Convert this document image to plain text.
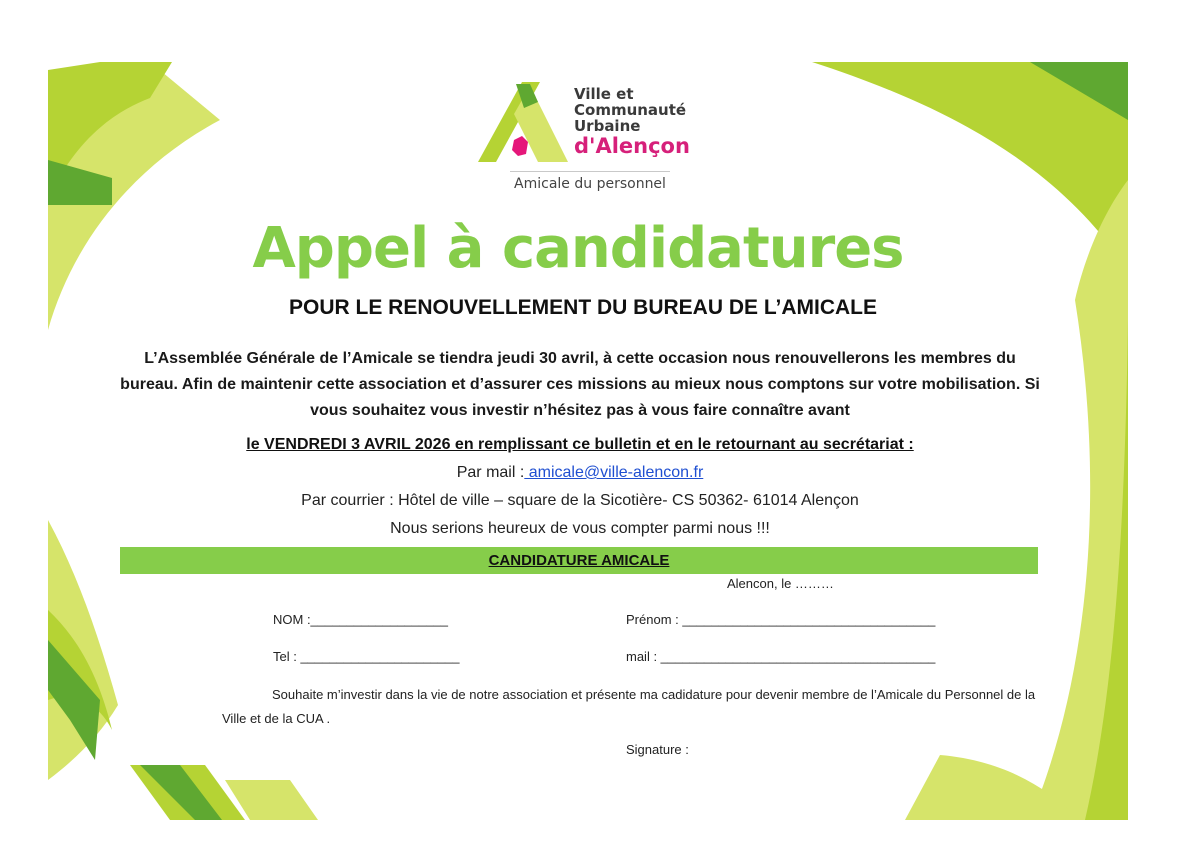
Ville et
Communauté
Urbaine
d'Alençon
Amicale du personnel
Appel à candidatures
POUR LE RENOUVELLEMENT DU BUREAU DE L’AMICALE
L’Assemblée Générale de l’Amicale se tiendra jeudi 30 avril, à cette occasion nous renouvellerons les membres du bureau. Afin de maintenir cette association et d’assurer ces missions au mieux nous comptons sur votre mobilisation. Si vous souhaitez vous investir n’hésitez pas à vous faire connaître avant
le VENDREDI 3 AVRIL 2026 en remplissant ce bulletin et en le retournant au secrétariat :
Par mail : amicale@ville-alencon.fr
Par courrier : Hôtel de ville – square de la Sicotière- CS 50362- 61014 Alençon
Nous serions heureux de vous compter parmi nous !!!
CANDIDATURE AMICALE
Alencon, le ………
NOM :___________________	Prénom : ___________________________________
Tel : ______________________	mail : ______________________________________
Souhaite m’investir dans la vie de notre association et présente ma cadidature pour devenir membre de l’Amicale du Personnel de la Ville et de la CUA .
Signature :
